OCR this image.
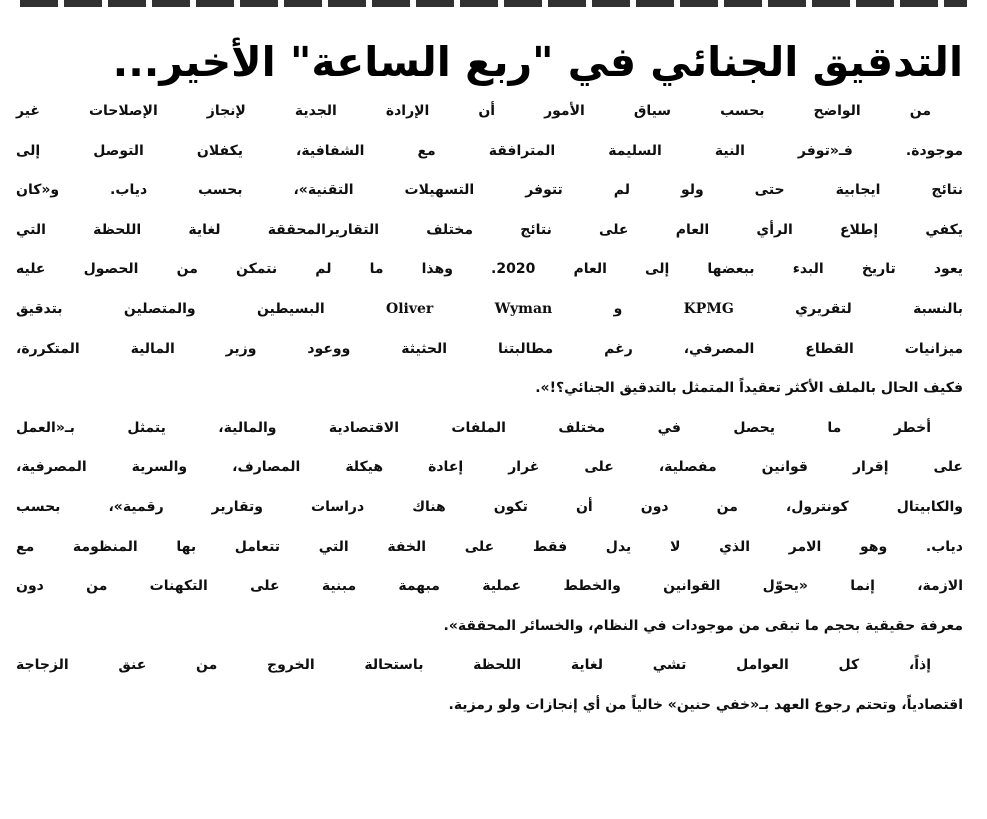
التدقيق الجنائي في "ربع الساعة" الأخير...
من الواضح بحسب سياق الأمور أن الإرادة الجدية لإنجاز الإصلاحات غير
موجودة. فـ«توفر النية السليمة المترافقة مع الشفافية، يكفلان التوصل إلى
نتائج ايجابية حتى ولو لم تتوفر التسهيلات التقنية»، بحسب دياب. و«كان
يكفي إطلاع الرأي العام على نتائج مختلف التقاريرالمحققة لغاية اللحظة التي
يعود تاريخ البدء ببعضها إلى العام 2020. وهذا ما لم نتمكن من الحصول عليه
بالنسبة لتقريري KPMG و Oliver Wyman البسيطين والمتصلين بتدقيق
ميزانيات القطاع المصرفي، رغم مطالبتنا الحثيثة ووعود وزير المالية المتكررة،
فكيف الحال بالملف الأكثر تعقيداً المتمثل بالتدقيق الجنائي؟!».
أخطر ما يحصل في مختلف الملفات الاقتصادية والمالية، يتمثل بـ«العمل
على إقرار قوانين مفصلية، على غرار إعادة هيكلة المصارف، والسرية المصرفية،
والكابيتال كونترول، من دون أن تكون هناك دراسات وتقارير رقمية»، بحسب
دياب. وهو الامر الذي لا يدل فقط على الخفة التي تتعامل بها المنظومة مع
الازمة، إنما «يحوّل القوانين والخطط عملية مبهمة مبنية على التكهنات من دون
معرفة حقيقية بحجم ما تبقى من موجودات في النظام، والخسائر المحققة».
إذاً، كل العوامل تشي لغاية اللحظة باستحالة الخروج من عنق الزجاجة
اقتصادياً، وتحتم رجوع العهد بـ«خفي حنين» خالياً من أي إنجازات ولو رمزية.
